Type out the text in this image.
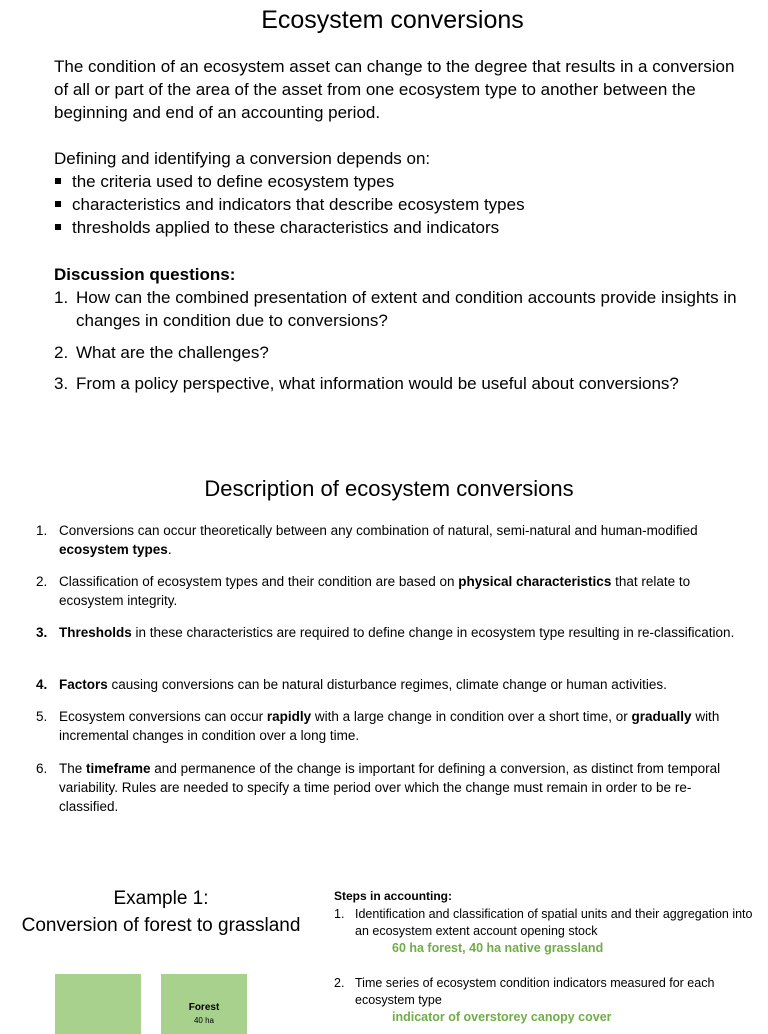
Ecosystem conversions
The condition of an ecosystem asset can change to the degree that results in a conversion of all or part of the area of the asset from one ecosystem type to another between the beginning and end of an accounting period.
Defining and identifying a conversion depends on:
the criteria used to define ecosystem types
characteristics and indicators that describe ecosystem types
thresholds applied to these characteristics and indicators
Discussion questions:
1. How can the combined presentation of extent and condition accounts provide insights in changes in condition due to conversions?
2. What are the challenges?
3. From a policy perspective, what information would be useful about conversions?
Description of ecosystem conversions
1. Conversions can occur theoretically between any combination of natural, semi-natural and human-modified ecosystem types.
2. Classification of ecosystem types and their condition are based on physical characteristics that relate to ecosystem integrity.
3. Thresholds in these characteristics are required to define change in ecosystem type resulting in re-classification.
4. Factors causing conversions can be natural disturbance regimes, climate change or human activities.
5. Ecosystem conversions can occur rapidly with a large change in condition over a short time, or gradually with incremental changes in condition over a long time.
6. The timeframe and permanence of the change is important for defining a conversion, as distinct from temporal variability. Rules are needed to specify a time period over which the change must remain in order to be re-classified.
Example 1:
Conversion of forest to grassland
Steps in accounting:
1. Identification and classification of spatial units and their aggregation into an ecosystem extent account opening stock
60 ha forest, 40 ha native grassland
2. Time series of ecosystem condition indicators measured for each ecosystem type
indicator of overstorey canopy cover
Forest
40 ha
